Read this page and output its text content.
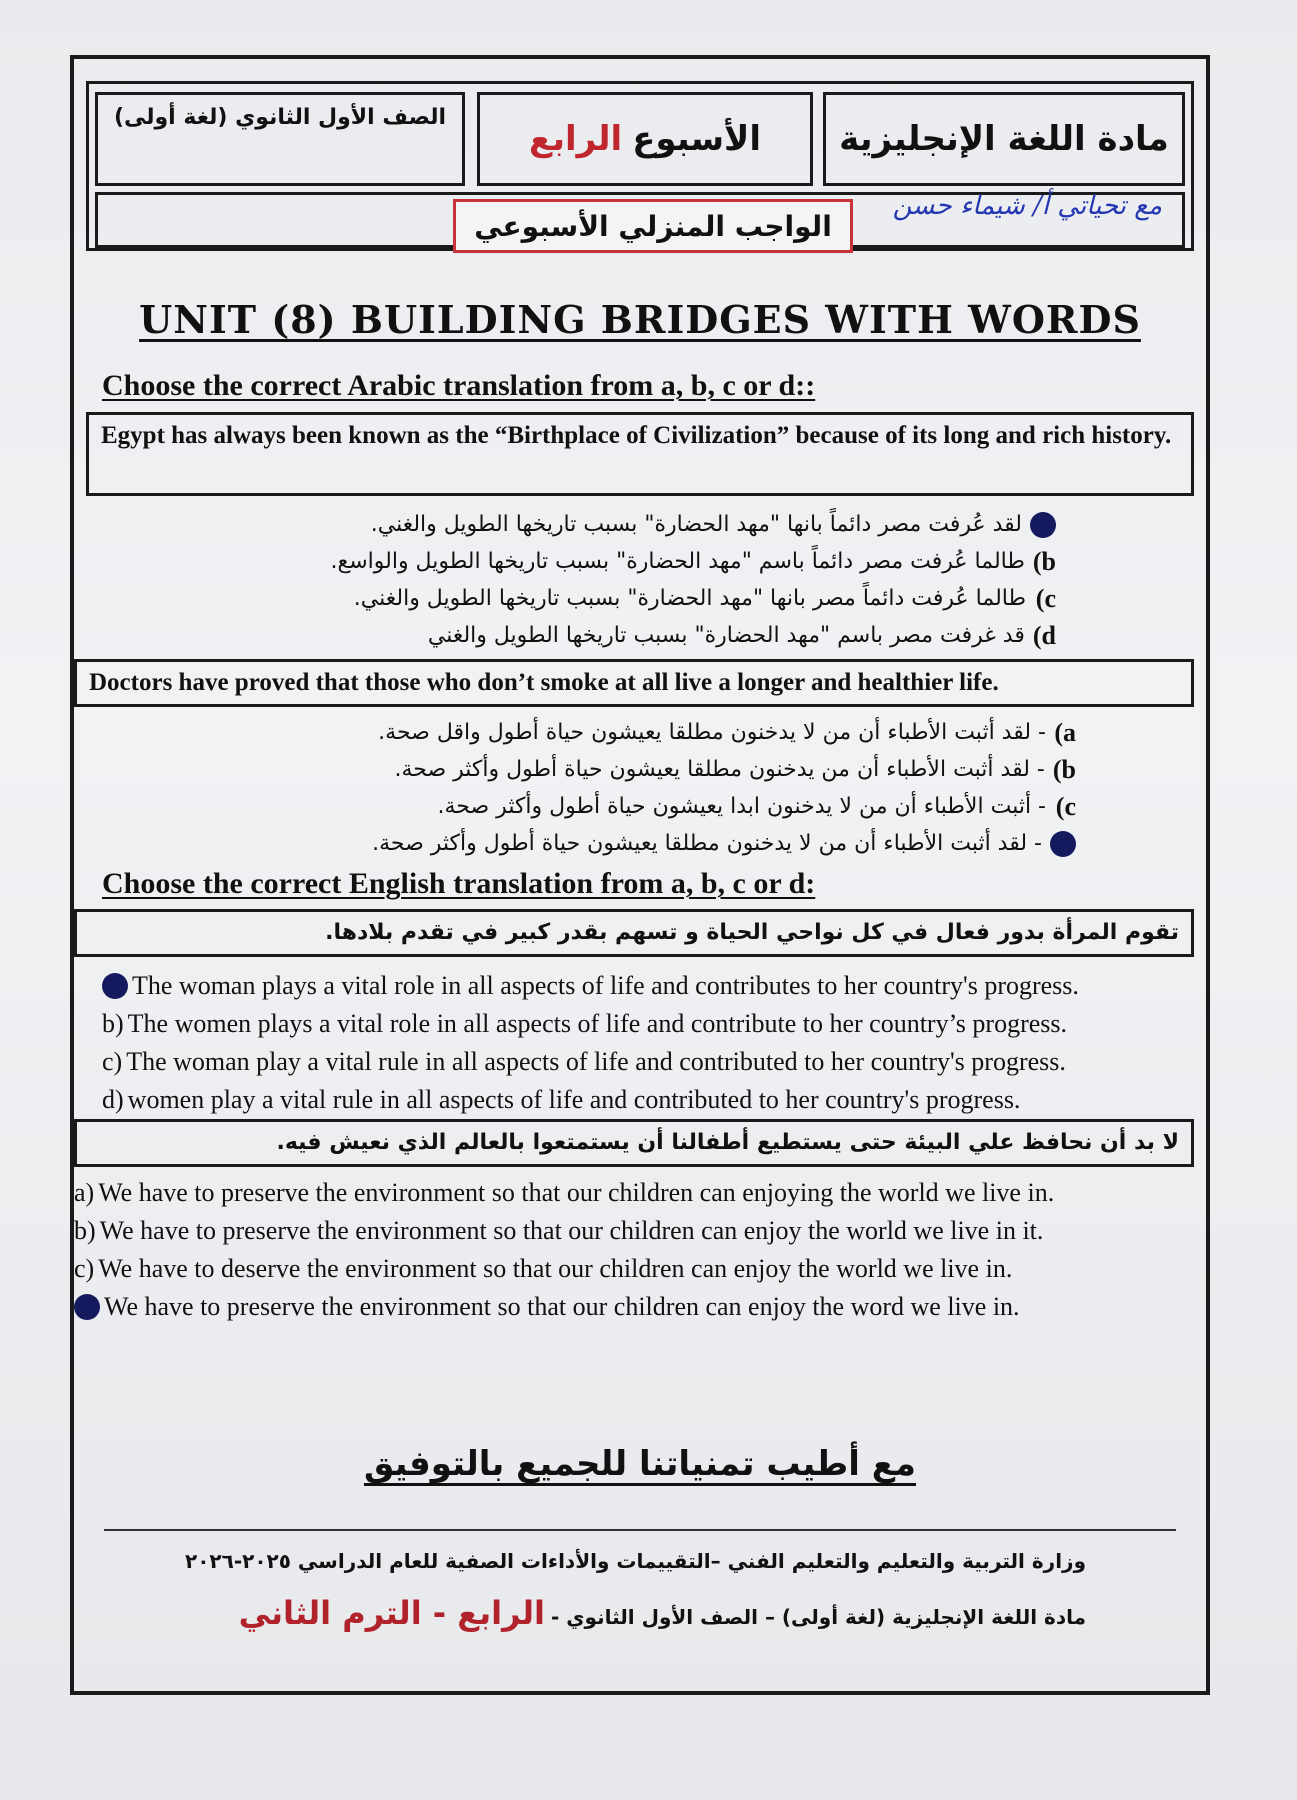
مادة اللغة الإنجليزية
الأسبوع
الرابع
الصف الأول الثانوي (لغة أولى)
الواجب المنزلي الأسبوعي
مع تحياتي أ/ شيماء حسن
UNIT (8) BUILDING BRIDGES WITH WORDS
Choose the correct Arabic translation from a, b, c or d::
Egypt has always been known as the “Birthplace of Civilization” because of its long and rich history.
لقد عُرفت مصر دائماً بانها "مهد الحضارة" بسبب تاريخها الطويل والغني.
b)
طالما عُرفت مصر دائماً باسم "مهد الحضارة" بسبب تاريخها الطويل والواسع.
c)
طالما عُرفت دائماً مصر بانها "مهد الحضارة" بسبب تاريخها الطويل والغني.
d)
قد غرفت مصر باسم "مهد الحضارة" بسبب تاريخها الطويل والغني
Doctors have proved that those who don’t smoke at all live a longer and healthier life.
a)
- لقد أثبت الأطباء أن من لا يدخنون مطلقا يعيشون حياة أطول واقل صحة.
b)
- لقد أثبت الأطباء أن من يدخنون مطلقا يعيشون حياة أطول وأكثر صحة.
c)
- أثبت الأطباء أن من لا يدخنون ابدا يعيشون حياة أطول وأكثر صحة.
- لقد أثبت الأطباء أن من لا يدخنون مطلقا يعيشون حياة أطول وأكثر صحة.
Choose the correct English translation from a, b, c or d:
تقوم المرأة بدور فعال في كل نواحي الحياة و تسهم بقدر كبير في تقدم بلادها.
The woman plays a vital role in all aspects of life and contributes to her country's progress.
b) The women plays a vital role in all aspects of life and contribute to her country’s progress.
c) The woman play a vital rule in all aspects of life and contributed to her country's progress.
d) women play a vital rule in all aspects of life and contributed to her country's progress.
لا بد أن نحافظ علي البيئة حتى يستطيع أطفالنا أن يستمتعوا بالعالم الذي نعيش فيه.
a) We have to preserve the environment so that our children can enjoying the world we live in.
b) We have to preserve the environment so that our children can enjoy the world we live in it.
c) We have to deserve the environment so that our children can enjoy the world we live in.
We have to preserve the environment so that our children can enjoy the word we live in.
مع أطيب تمنياتنا للجميع بالتوفيق
وزارة التربية والتعليم والتعليم الفني –التقييمات والأداءات الصفية للعام الدراسي ٢٠٢٥-٢٠٢٦
مادة اللغة الإنجليزية (لغة أولى) – الصف الأول الثانوي -
الرابع - الترم الثاني
